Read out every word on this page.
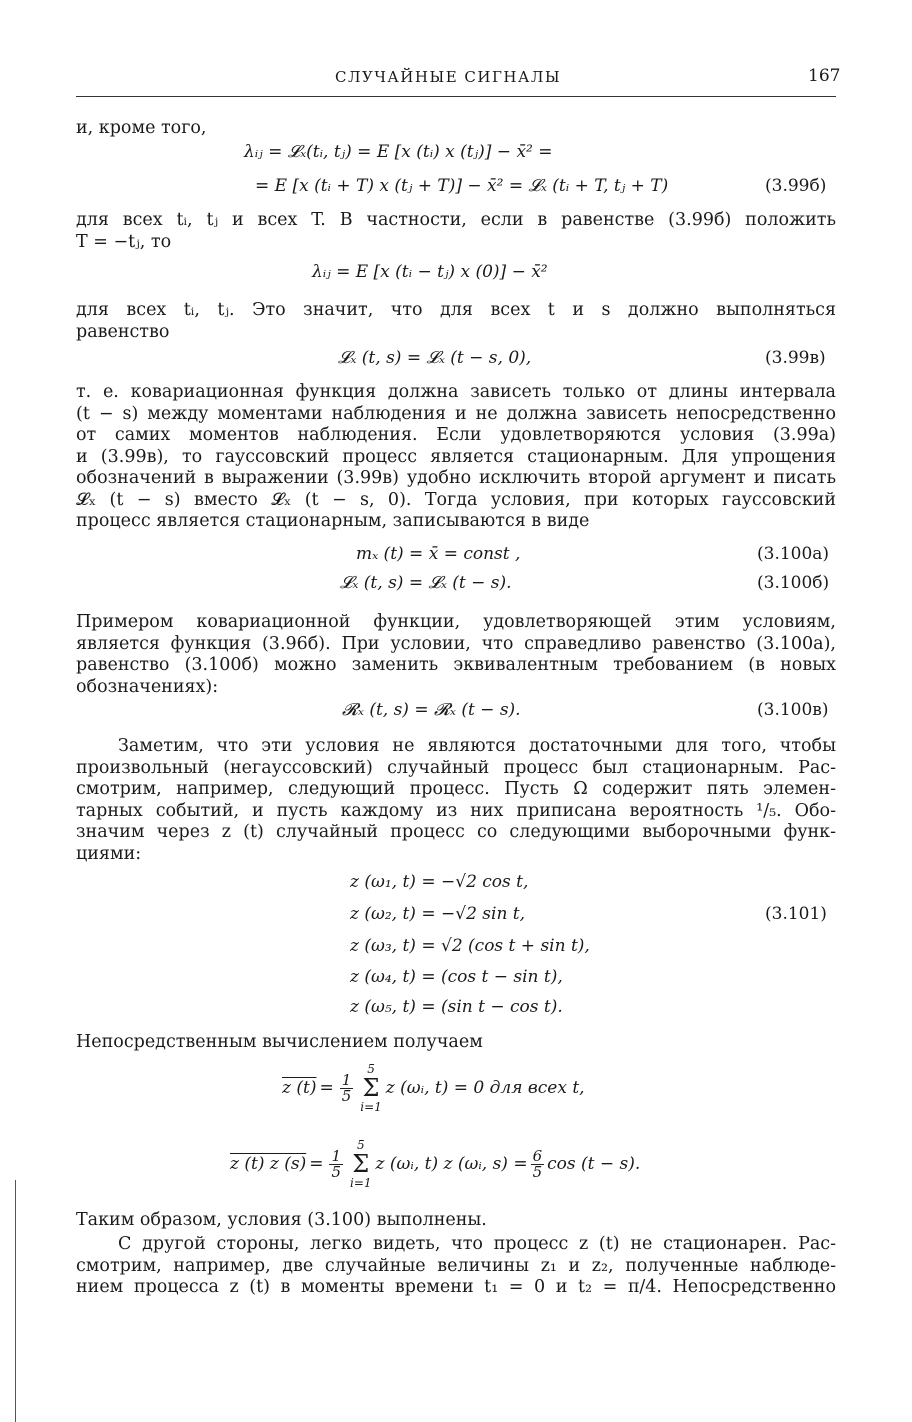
СЛУЧАЙНЫЕ СИГНАЛЫ	167
и, кроме того,
λᵢⱼ = 𝓛ₓ(tᵢ, tⱼ) = E [x (tᵢ) x (tⱼ)] − x̄² =
= E [x (tᵢ + T) x (tⱼ + T)] − x̄² = 𝓛ₓ (tᵢ + T, tⱼ + T)	(3.99б)
для всех tᵢ, tⱼ и всех T. В частности, если в равенстве (3.99б) положить
T = −tⱼ, то
λᵢⱼ = E [x (tᵢ − tⱼ) x (0)] − x̄²
для всех tᵢ, tⱼ. Это значит, что для всех t и s должно выполняться
равенство
𝓛ₓ (t, s) = 𝓛ₓ (t − s, 0),	(3.99в)
т. е. ковариационная функция должна зависеть только от длины интервала
(t − s) между моментами наблюдения и не должна зависеть непосредственно
от самих моментов наблюдения. Если удовлетворяются условия (3.99а)
и (3.99в), то гауссовский процесс является стационарным. Для упрощения
обозначений в выражении (3.99в) удобно исключить второй аргумент и писать
𝓛ₓ (t − s) вместо 𝓛ₓ (t − s, 0). Тогда условия, при которых гауссовский
процесс является стационарным, записываются в виде
mₓ (t) = x̄ = const ,	(3.100а)
𝓛ₓ (t, s) = 𝓛ₓ (t − s).	(3.100б)
Примером ковариационной функции, удовлетворяющей этим условиям,
является функция (3.96б). При условии, что справедливо равенство (3.100а),
равенство (3.100б) можно заменить эквивалентным требованием (в новых
обозначениях):
𝓡ₓ (t, s) = 𝓡ₓ (t − s).	(3.100в)
Заметим, что эти условия не являются достаточными для того, чтобы
произвольный (негауссовский) случайный процесс был стационарным. Рас-
смотрим, например, следующий процесс. Пусть Ω содержит пять элемен-
тарных событий, и пусть каждому из них приписана вероятность ¹/₅. Обо-
значим через z (t) случайный процесс со следующими выборочными функ-
циями:
z (ω₁, t) = −√2 cos t,
z (ω₂, t) = −√2 sin t,	(3.101)
z (ω₃, t) = √2 (cos t + sin t),
z (ω₄, t) = (cos t − sin t),
z (ω₅, t) = (sin t − cos t).
Непосредственным вычислением получаем
z $(t) = \frac{1}{5}$
5
Σ
i=1
z (ωᵢ, t) = 0 для всех t,
z (t) z $(s) = \frac{1}{5}$
5
Σ
i=1
z (ωᵢ, t) z (ωᵢ, $s) = \frac{6}{5}$ cos (t − s).
Таким образом, условия (3.100) выполнены.
С другой стороны, легко видеть, что процесс z (t) не стационарен. Рас-
смотрим, например, две случайные величины z₁ и z₂, полученные наблюде-
нием процесса z (t) в моменты времени t₁ = 0 и t₂ = π/4. Непосредственно
